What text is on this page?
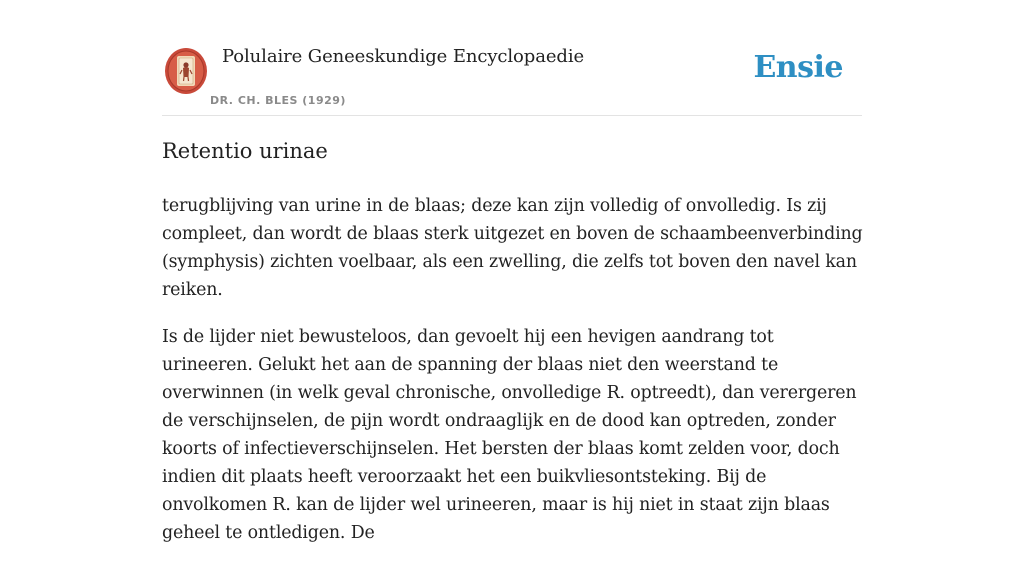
Polulaire Geneeskundige Encyclopaedie
DR. CH. BLES (1929)
Ensie
Retentio urinae

terugblijving van urine in de blaas; deze kan zijn volledig of onvolledig. Is zij compleet, dan wordt de blaas sterk uitgezet en boven de schaambeenverbinding (symphysis) zichten voelbaar, als een zwelling, die zelfs tot boven den navel kan reiken.

Is de lijder niet bewusteloos, dan gevoelt hij een hevigen aandrang tot urineeren. Gelukt het aan de spanning der blaas niet den weerstand te overwinnen (in welk geval chronische, onvolledige R. optreedt), dan verergeren de verschijnselen, de pijn wordt ondraaglijk en de dood kan optreden, zonder koorts of infectieverschijnselen. Het bersten der blaas komt zelden voor, doch indien dit plaats heeft veroorzaakt het een buikvliesontsteking. Bij de onvolkomen R. kan de lijder wel urineeren, maar is hij niet in staat zijn blaas geheel te ontledigen. De
